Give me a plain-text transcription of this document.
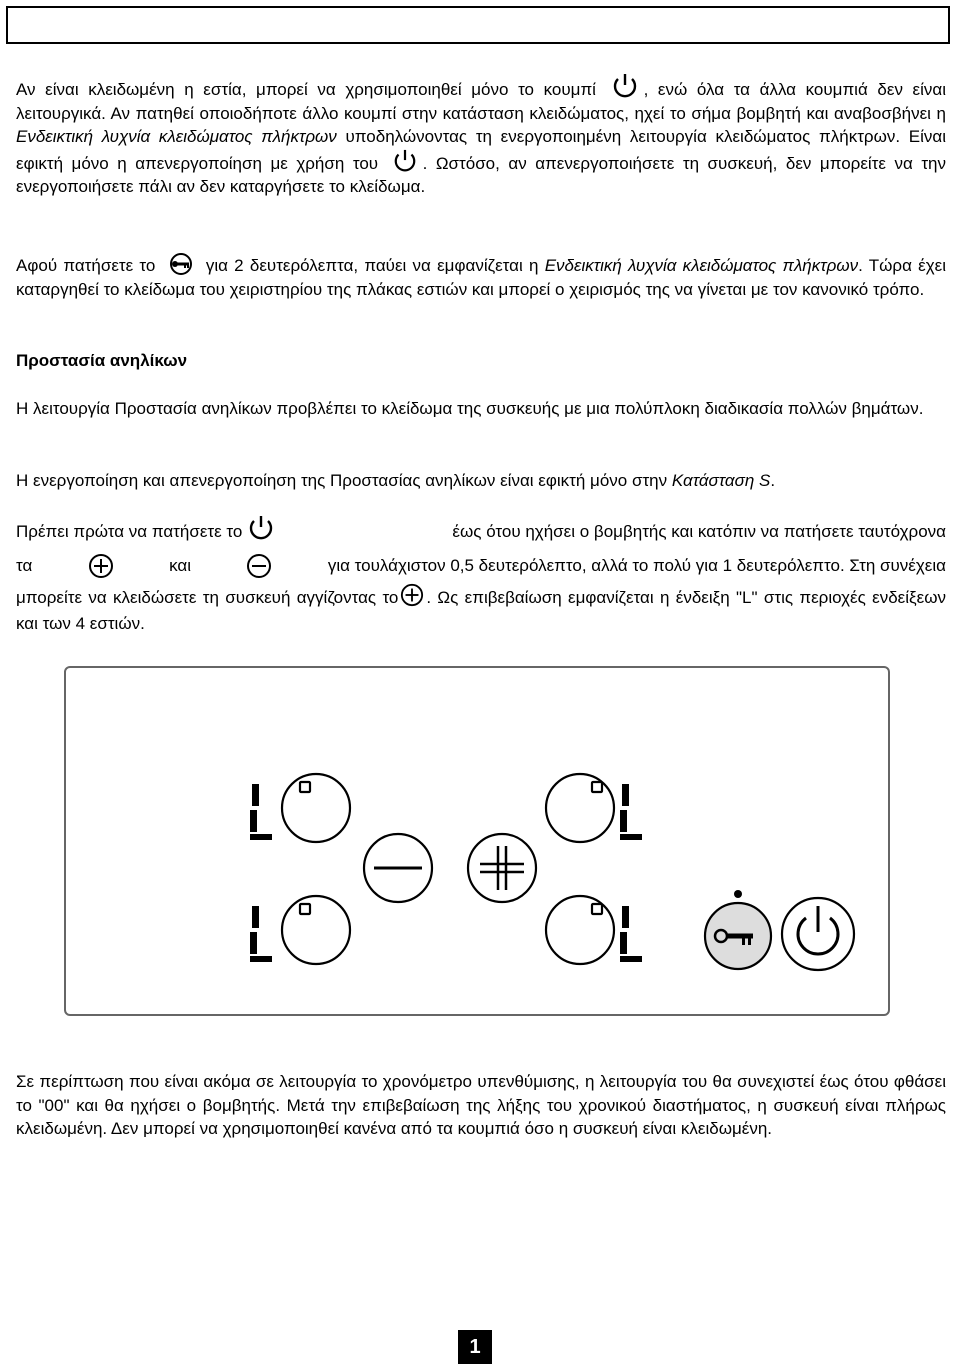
Αν είναι κλειδωμένη η εστία, μπορεί να χρησιμοποιηθεί μόνο το κουμπί	, ενώ όλα τα άλλα κουμπιά δεν είναι λειτουργικά. Αν πατηθεί οποιοδήποτε άλλο κουμπί στην κατάσταση κλειδώματος, ηχεί το σήμα βομβητή και αναβοσβήνει η Ενδεικτική λυχνία κλειδώματος πλήκτρων υποδηλώνοντας τη ενεργοποιημένη λειτουργία κλειδώματος πλήκτρων. Είναι εφικτή μόνο η απενεργοποίηση με χρήση του	. Ωστόσο, αν απενεργοποιήσετε τη συσκευή, δεν μπορείτε να την ενεργοποιήσετε πάλι αν δεν καταργήσετε το κλείδωμα.

Αφού πατήσετε το	για 2 δευτερόλεπτα, παύει να εμφανίζεται η Ενδεικτική λυχνία κλειδώματος πλήκτρων. Τώρα έχει καταργηθεί το κλείδωμα του χειριστηρίου της πλάκας εστιών και μπορεί ο χειρισμός της να γίνεται με τον κανονικό τρόπο.

Προστασία ανηλίκων

Η λειτουργία Προστασία ανηλίκων προβλέπει το κλείδωμα της συσκευής με μια πολύπλοκη διαδικασία πολλών βημάτων.

Η ενεργοποίηση και απενεργοποίηση της Προστασίας ανηλίκων είναι εφικτή μόνο στην Κατάσταση S.

Πρέπει πρώτα να πατήσετε το	έως ότου ηχήσει ο βομβητής και κατόπιν να πατήσετε ταυτόχρονα
τα	και	για τουλάχιστον 0,5 δευτερόλεπτο, αλλά το πολύ για 1 δευτερόλεπτο. Στη συνέχεια
μπορείτε να κλειδώσετε τη συσκευή αγγίζοντας το . Ως επιβεβαίωση εμφανίζεται η ένδειξη "L" στις περιοχές ενδείξεων και των 4 εστιών.

Σε περίπτωση που είναι ακόμα σε λειτουργία το χρονόμετρο υπενθύμισης, η λειτουργία του θα συνεχιστεί έως ότου φθάσει το "00" και θα ηχήσει ο βομβητής. Μετά την επιβεβαίωση της λήξης του χρονικού διαστήματος, η συσκευή είναι πλήρως κλειδωμένη. Δεν μπορεί να χρησιμοποιηθεί κανένα από τα κουμπιά όσο η συσκευή είναι κλειδωμένη.

1
